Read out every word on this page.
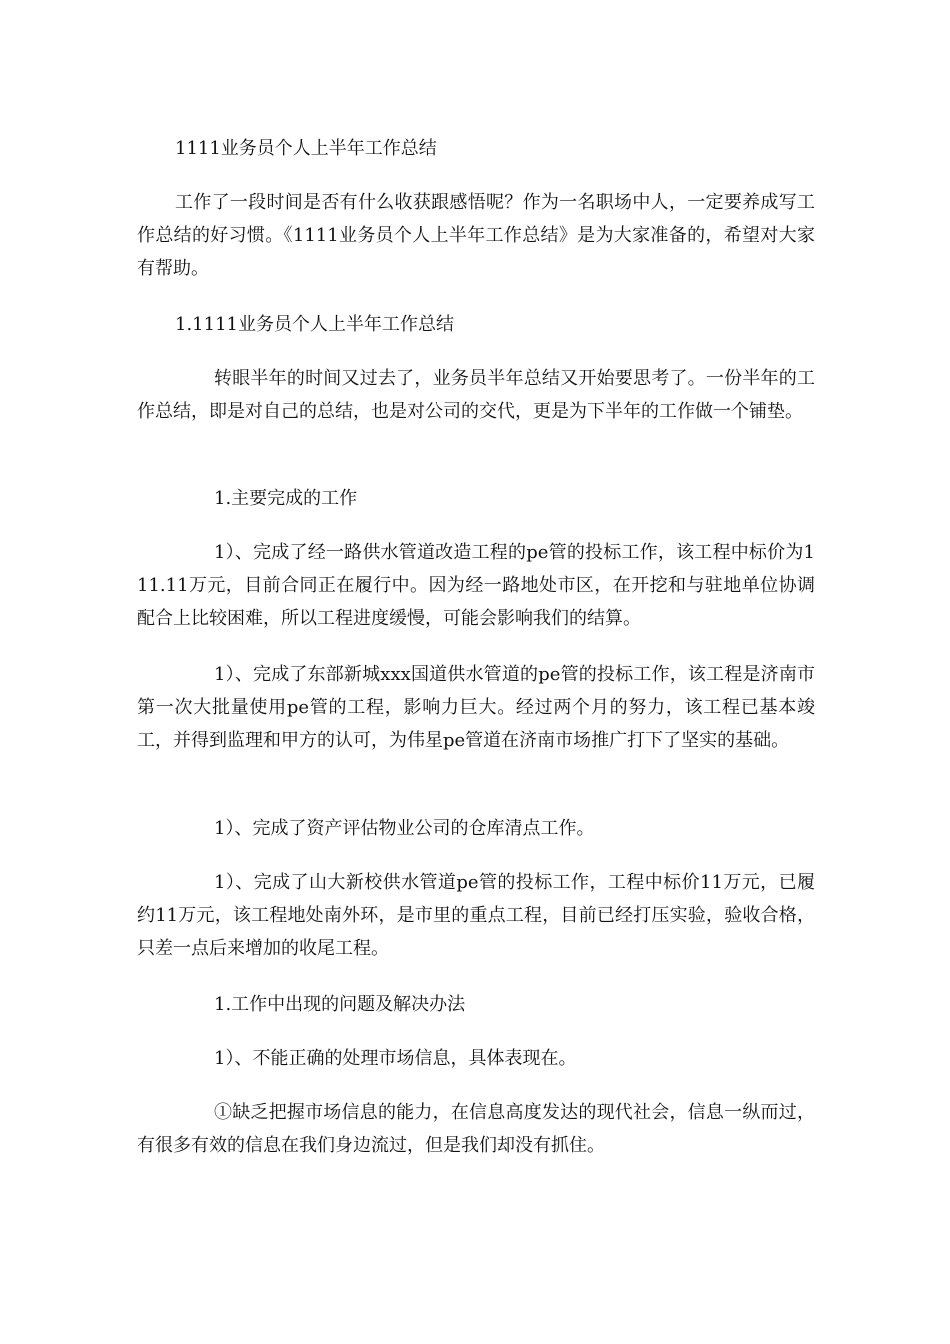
1111业务员个人上半年工作总结

工作了一段时间是否有什么收获跟感悟呢？作为一名职场中人，一定要养成写工作总结的好习惯。《1111业务员个人上半年工作总结》是为大家准备的，希望对大家有帮助。

1.1111业务员个人上半年工作总结

转眼半年的时间又过去了，业务员半年总结又开始要思考了。一份半年的工作总结，即是对自己的总结，也是对公司的交代，更是为下半年的工作做一个铺垫。

1.主要完成的工作

1）、完成了经一路供水管道改造工程的pe管的投标工作，该工程中标价为111.11万元，目前合同正在履行中。因为经一路地处市区，在开挖和与驻地单位协调配合上比较困难，所以工程进度缓慢，可能会影响我们的结算。

1）、完成了东部新城xxx国道供水管道的pe管的投标工作，该工程是济南市第一次大批量使用pe管的工程，影响力巨大。经过两个月的努力，该工程已基本竣工，并得到监理和甲方的认可，为伟星pe管道在济南市场推广打下了坚实的基础。

1）、完成了资产评估物业公司的仓库清点工作。

1）、完成了山大新校供水管道pe管的投标工作，工程中标价11万元，已履约11万元，该工程地处南外环，是市里的重点工程，目前已经打压实验，验收合格，只差一点后来增加的收尾工程。

1.工作中出现的问题及解决办法

1）、不能正确的处理市场信息，具体表现在。

①缺乏把握市场信息的能力，在信息高度发达的现代社会，信息一纵而过，有很多有效的信息在我们身边流过，但是我们却没有抓住。
